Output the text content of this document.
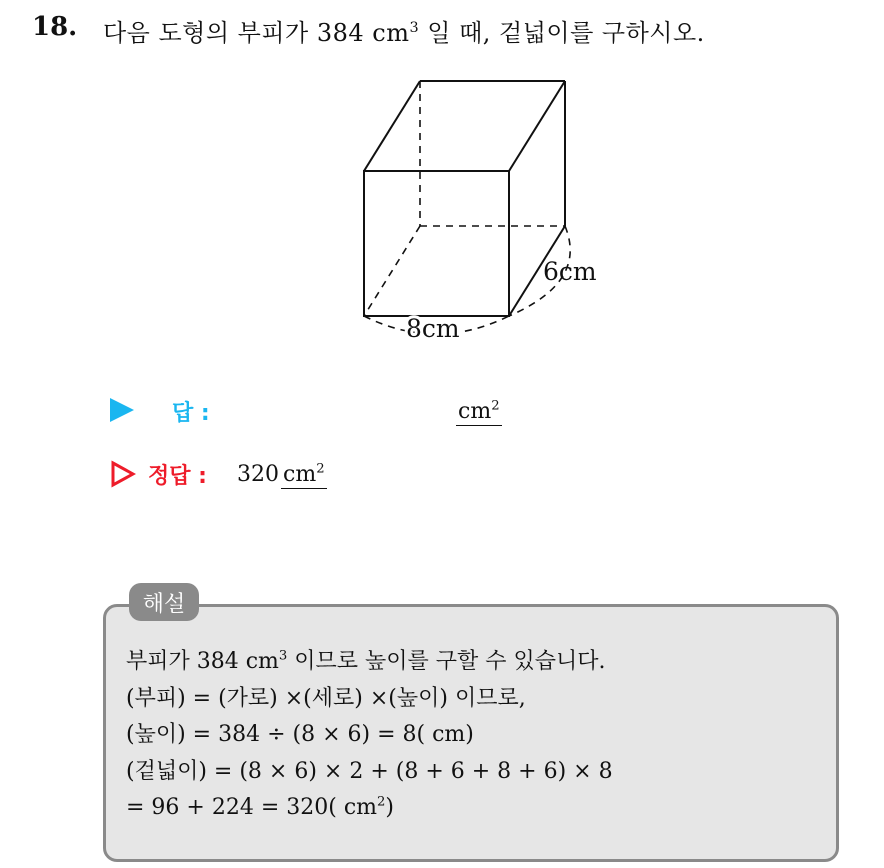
18. 다음 도형의 부피가 384 $cm^3$ 일 때, 겉넓이를 구하시오.
6cm
8cm
답 :	$cm^2$
정답 : 320 $cm^2$
해설
부피가 384 $cm^3$ 이므로 높이를 구할 수 있습니다.
(부피) = (가로) ×(세로) ×(높이) 이므로,
(높이) = 384 ÷ (8 × 6) = 8( cm)
(겉넓이) = (8 × 6) × 2 + (8 + 6 + 8 + 6) × 8
= 96 + 224 = 320( $cm^2$)
